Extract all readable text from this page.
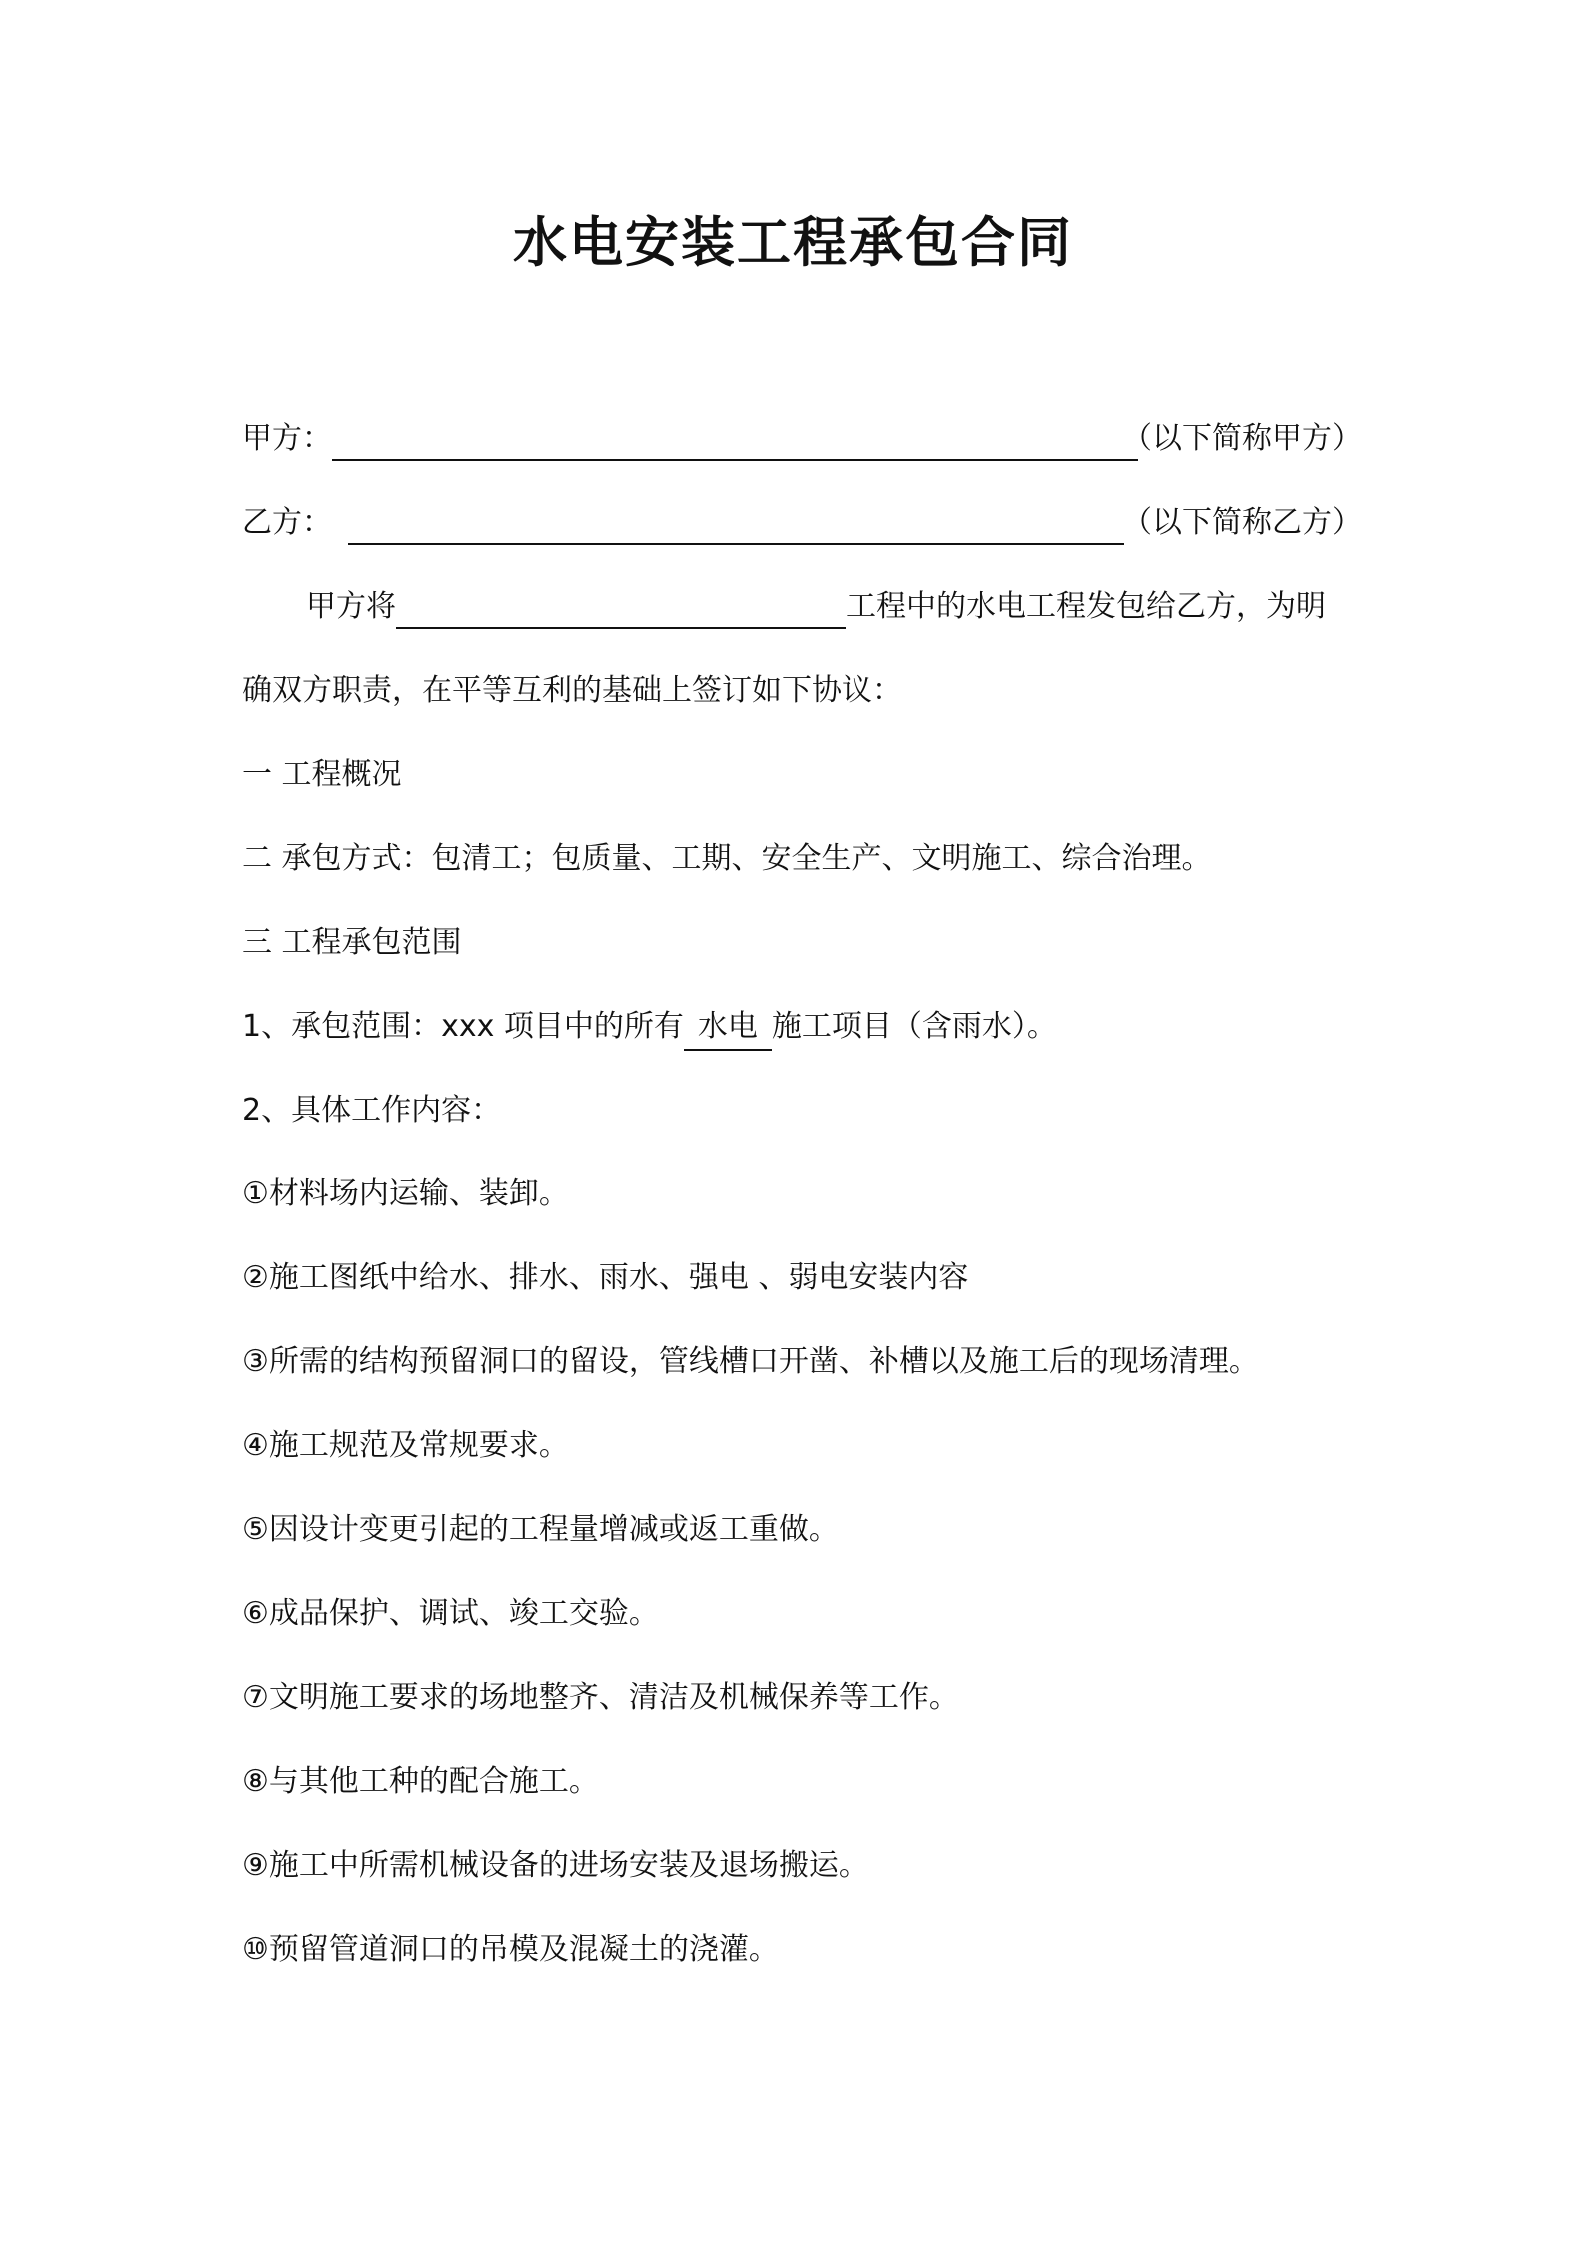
水电安装工程承包合同
甲方：	（以下简称甲方）
乙方：	（以下简称乙方）
甲方将	工程中的水电工程发包给乙方，为明
确双方职责，在平等互利的基础上签订如下协议：
一 工程概况
二 承包方式：包清工；包质量、工期、安全生产、文明施工、综合治理。
三 工程承包范围
1、承包范围：xxx 项目中的所有 水电 施工项目（含雨水）。
2、具体工作内容：
①材料场内运输、装卸。
②施工图纸中给水、排水、雨水、强电 、弱电安装内容
③所需的结构预留洞口的留设，管线槽口开凿、补槽以及施工后的现场清理。
④施工规范及常规要求。
⑤因设计变更引起的工程量增减或返工重做。
⑥成品保护、调试、竣工交验。
⑦文明施工要求的场地整齐、清洁及机械保养等工作。
⑧与其他工种的配合施工。
⑨施工中所需机械设备的进场安装及退场搬运。
⑩预留管道洞口的吊模及混凝土的浇灌。
